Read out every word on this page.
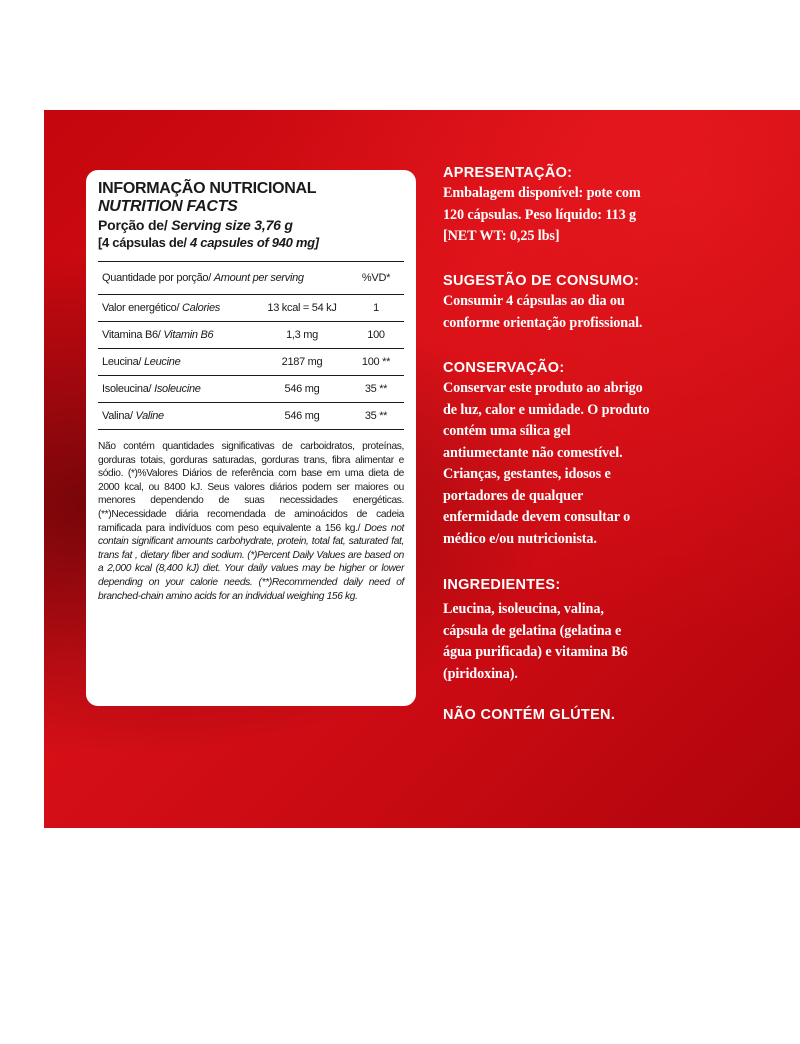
INFORMAÇÃO NUTRICIONAL
NUTRITION FACTS
Porção de/ Serving size 3,76 g
[4 cápsulas de/ 4 capsules of 940 mg]
Quantidade por porção/ Amount per serving	%VD*
Valor energético/ Calories	13 kcal = 54 kJ	1
Vitamina B6/ Vitamin B6	1,3 mg	100
Leucina/ Leucine	2187 mg	100 **
Isoleucina/ Isoleucine	546 mg	35 **
Valina/ Valine	546 mg	35 **
Não contém quantidades significativas de carboidratos, proteínas, gorduras totais, gorduras saturadas, gorduras trans, fibra alimentar e sódio. (*)%Valores Diários de referência com base em uma dieta de 2000 kcal, ou 8400 kJ. Seus valores diários podem ser maiores ou menores dependendo de suas necessidades energéticas. (**)Necessidade diária recomendada de aminoácidos de cadeia ramificada para indivíduos com peso equivalente a 156 kg./ Does not contain significant amounts carbohydrate, protein, total fat, saturated fat, trans fat , dietary fiber and sodium. (*)Percent Daily Values are based on a 2,000 kcal (8,400 kJ) diet. Your daily values may be higher or lower depending on your calorie needs. (**)Recommended daily need of branched-chain amino acids for an individual weighing 156 kg.
APRESENTAÇÃO:
Embalagem disponível: pote com
120 cápsulas. Peso líquido: 113 g
[NET WT: 0,25 lbs]
SUGESTÃO DE CONSUMO:
Consumir 4 cápsulas ao dia ou
conforme orientação profissional.
CONSERVAÇÃO:
Conservar este produto ao abrigo
de luz, calor e umidade. O produto
contém uma sílica gel
antiumectante não comestível.
Crianças, gestantes, idosos e
portadores de qualquer
enfermidade devem consultar o
médico e/ou nutricionista.
INGREDIENTES:
Leucina, isoleucina, valina,
cápsula de gelatina (gelatina e
água purificada) e vitamina B6
(piridoxina).
NÃO CONTÉM GLÚTEN.
